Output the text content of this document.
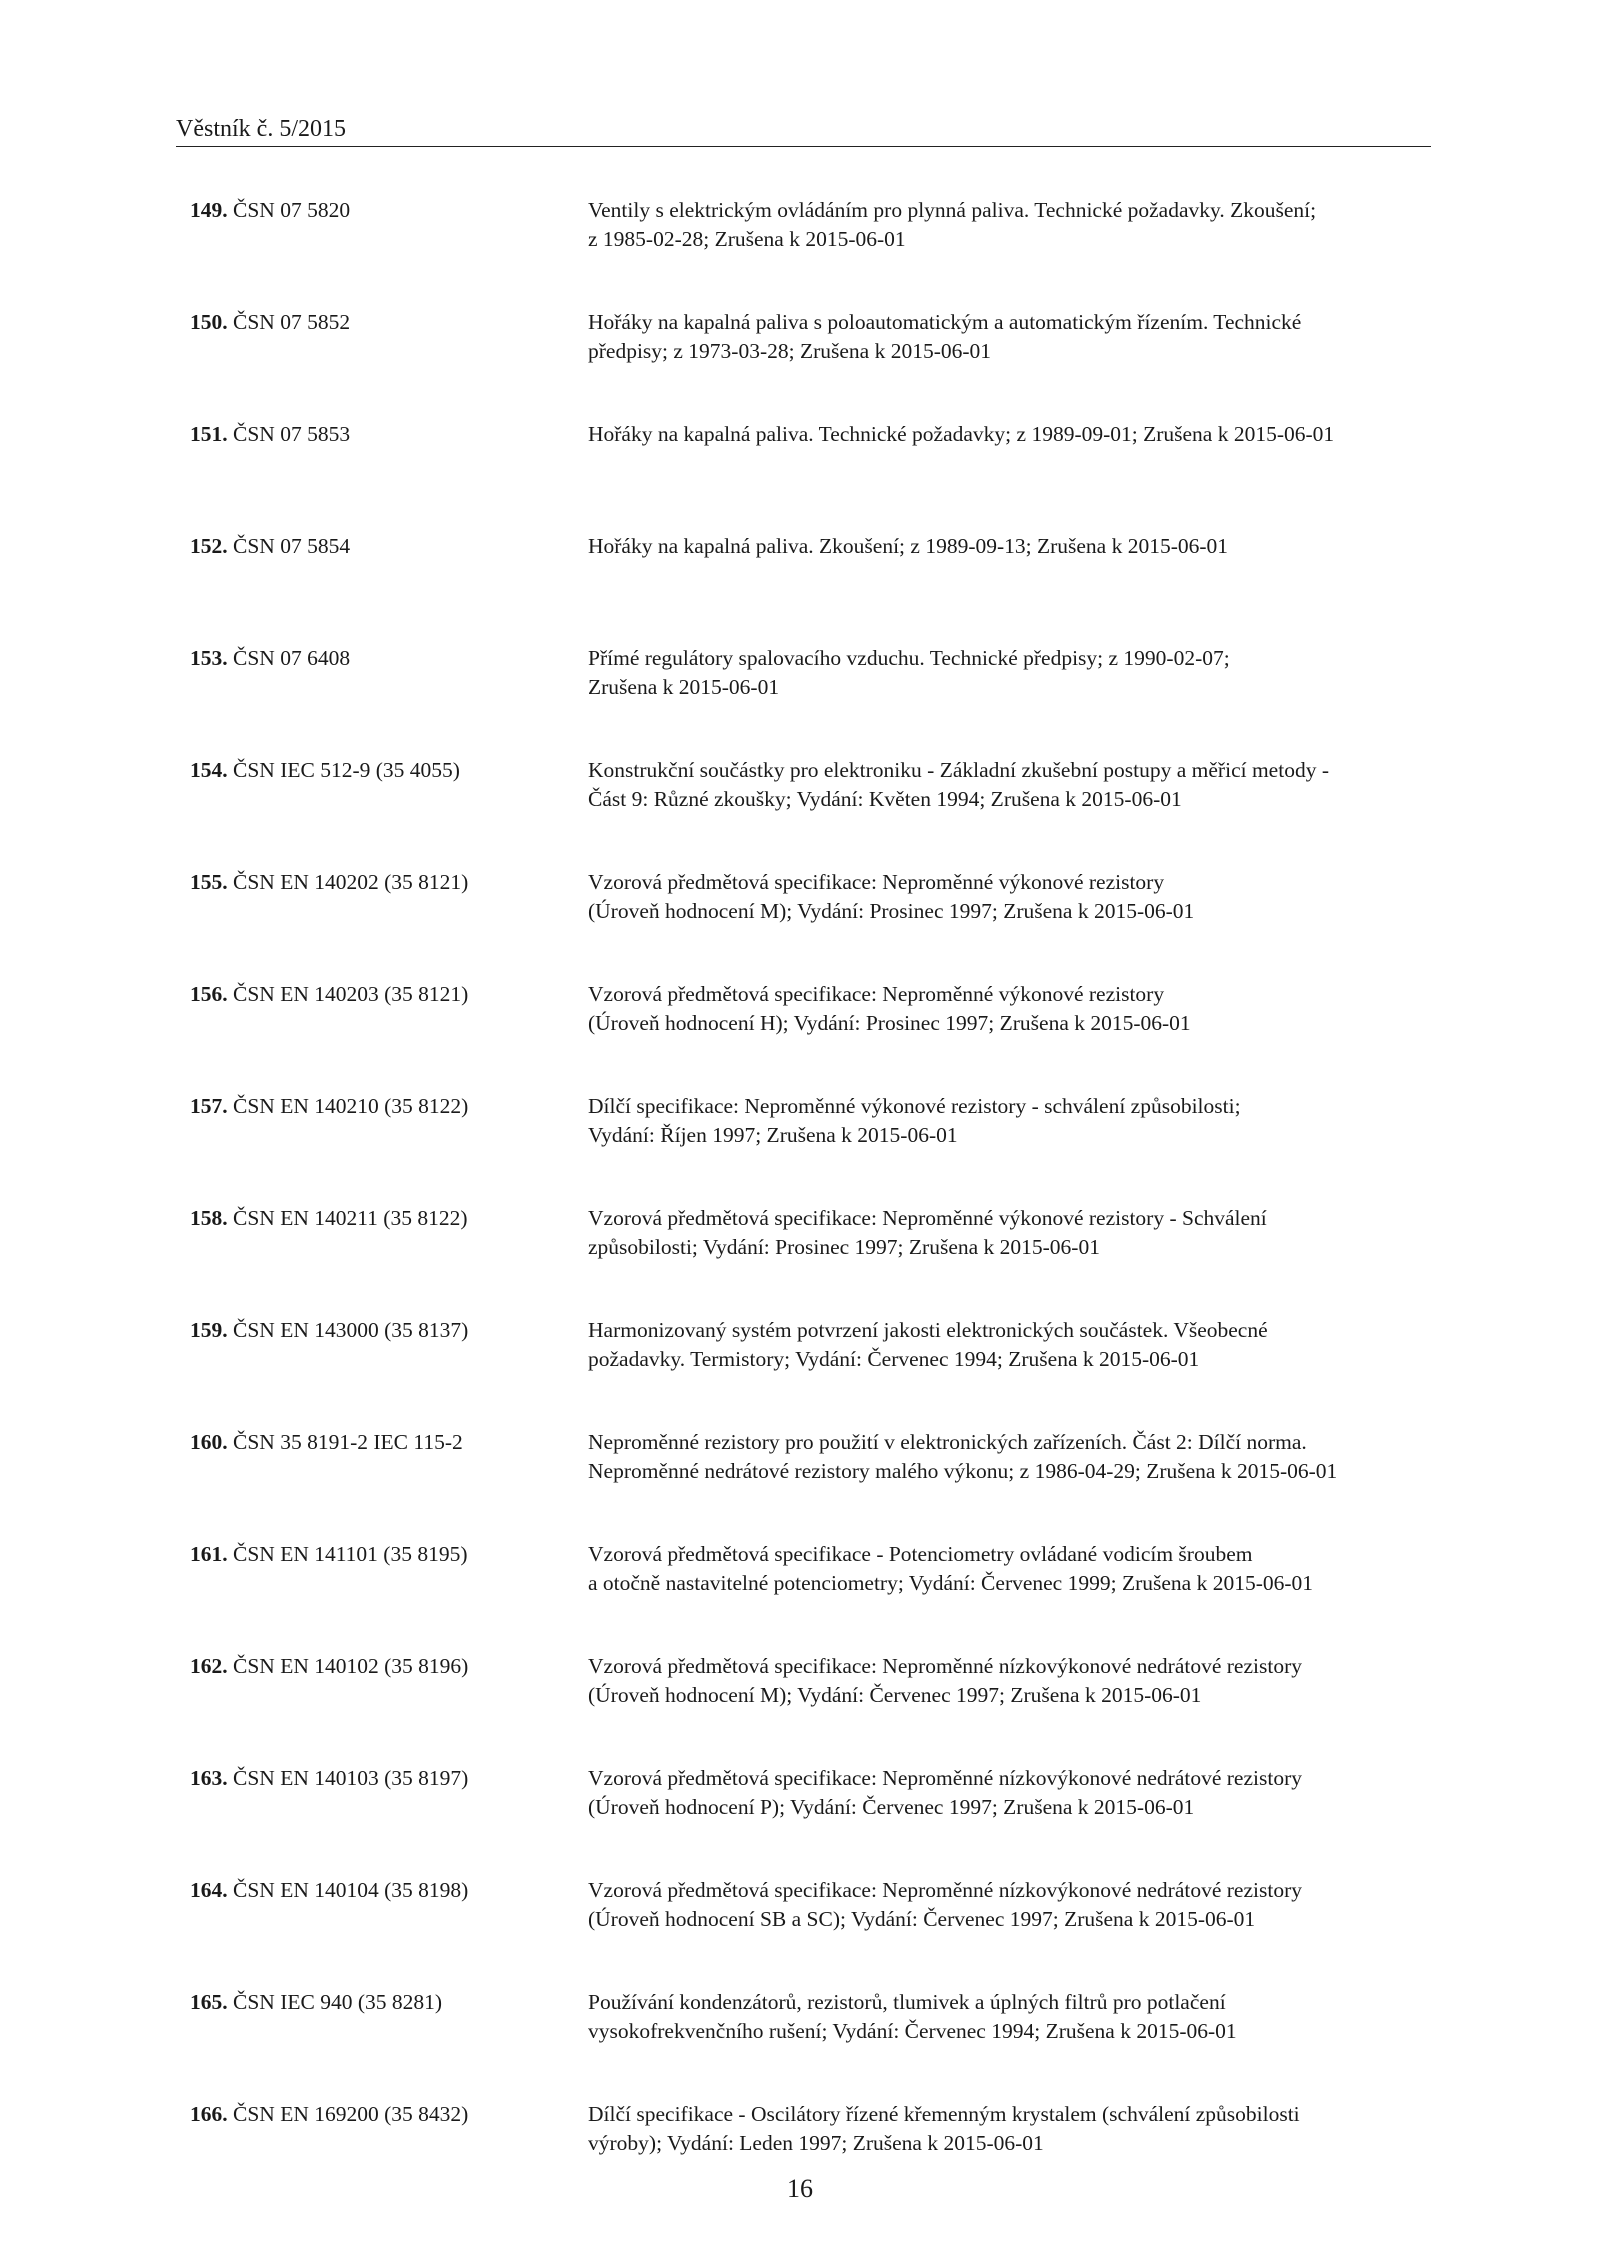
Věstník č. 5/2015
149. ČSN 07 5820	Ventily s elektrickým ovládáním pro plynná paliva. Technické požadavky. Zkoušení;
z 1985-02-28; Zrušena k 2015-06-01
150. ČSN 07 5852	Hořáky na kapalná paliva s poloautomatickým a automatickým řízením. Technické
předpisy; z 1973-03-28; Zrušena k 2015-06-01
151. ČSN 07 5853	Hořáky na kapalná paliva. Technické požadavky; z 1989-09-01; Zrušena k 2015-06-01
152. ČSN 07 5854	Hořáky na kapalná paliva. Zkoušení; z 1989-09-13; Zrušena k 2015-06-01
153. ČSN 07 6408	Přímé regulátory spalovacího vzduchu. Technické předpisy; z 1990-02-07;
Zrušena k 2015-06-01
154. ČSN IEC 512-9 (35 4055)	Konstrukční součástky pro elektroniku - Základní zkušební postupy a měřicí metody -
Část 9: Různé zkoušky; Vydání: Květen 1994; Zrušena k 2015-06-01
155. ČSN EN 140202 (35 8121)	Vzorová předmětová specifikace: Neproměnné výkonové rezistory
(Úroveň hodnocení M); Vydání: Prosinec 1997; Zrušena k 2015-06-01
156. ČSN EN 140203 (35 8121)	Vzorová předmětová specifikace: Neproměnné výkonové rezistory
(Úroveň hodnocení H); Vydání: Prosinec 1997; Zrušena k 2015-06-01
157. ČSN EN 140210 (35 8122)	Dílčí specifikace: Neproměnné výkonové rezistory - schválení způsobilosti;
Vydání: Říjen 1997; Zrušena k 2015-06-01
158. ČSN EN 140211 (35 8122)	Vzorová předmětová specifikace: Neproměnné výkonové rezistory - Schválení
způsobilosti; Vydání: Prosinec 1997; Zrušena k 2015-06-01
159. ČSN EN 143000 (35 8137)	Harmonizovaný systém potvrzení jakosti elektronických součástek. Všeobecné
požadavky. Termistory; Vydání: Červenec 1994; Zrušena k 2015-06-01
160. ČSN 35 8191-2 IEC 115-2	Neproměnné rezistory pro použití v elektronických zařízeních. Část 2: Dílčí norma.
Neproměnné nedrátové rezistory malého výkonu; z 1986-04-29; Zrušena k 2015-06-01
161. ČSN EN 141101 (35 8195)	Vzorová předmětová specifikace - Potenciometry ovládané vodicím šroubem
a otočně nastavitelné potenciometry; Vydání: Červenec 1999; Zrušena k 2015-06-01
162. ČSN EN 140102 (35 8196)	Vzorová předmětová specifikace: Neproměnné nízkovýkonové nedrátové rezistory
(Úroveň hodnocení M); Vydání: Červenec 1997; Zrušena k 2015-06-01
163. ČSN EN 140103 (35 8197)	Vzorová předmětová specifikace: Neproměnné nízkovýkonové nedrátové rezistory
(Úroveň hodnocení P); Vydání: Červenec 1997; Zrušena k 2015-06-01
164. ČSN EN 140104 (35 8198)	Vzorová předmětová specifikace: Neproměnné nízkovýkonové nedrátové rezistory
(Úroveň hodnocení SB a SC); Vydání: Červenec 1997; Zrušena k 2015-06-01
165. ČSN IEC 940 (35 8281)	Používání kondenzátorů, rezistorů, tlumivek a úplných filtrů pro potlačení
vysokofrekvenčního rušení; Vydání: Červenec 1994; Zrušena k 2015-06-01
166. ČSN EN 169200 (35 8432)	Dílčí specifikace - Oscilátory řízené křemenným krystalem (schválení způsobilosti
výroby); Vydání: Leden 1997; Zrušena k 2015-06-01
16
